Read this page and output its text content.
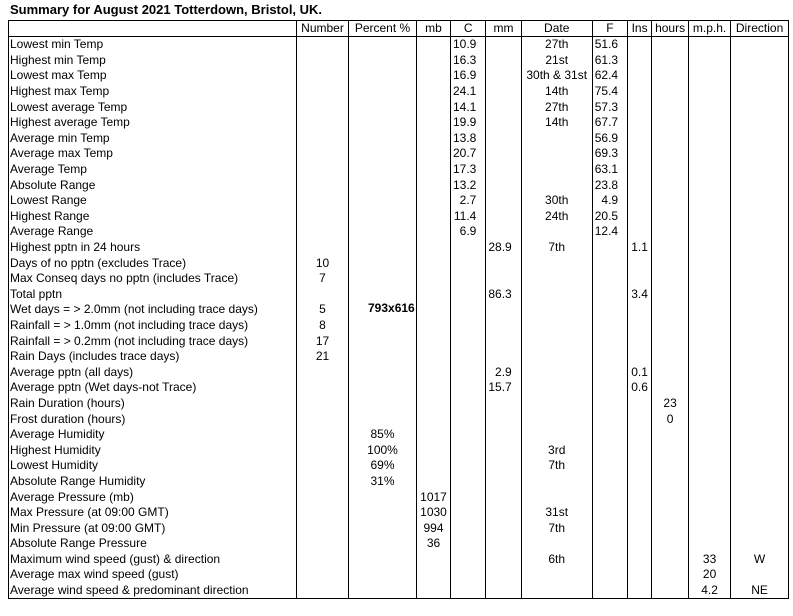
Summary for August 2021 Totterdown, Bristol, UK.
	Number	Percent %	mb	C	mm	Date	F	Ins	hours	m.p.h.	Direction
Lowest min Temp				10.9		27th	51.6				
Highest min Temp				16.3		21st	61.3				
Lowest max Temp				16.9		30th & 31st	62.4				
Highest max Temp				24.1		14th	75.4				
Lowest average Temp				14.1		27th	57.3				
Highest average Temp				19.9		14th	67.7				
Average min Temp				13.8			56.9				
Average max Temp				20.7			69.3				
Average Temp				17.3			63.1				
Absolute Range				13.2			23.8				
Lowest Range				2.7		30th	4.9				
Highest Range				11.4		24th	20.5				
Average Range				6.9			12.4				
Highest pptn in 24 hours					28.9	7th		1.1			
Days of no pptn (excludes Trace)	10										
Max Conseq days no pptn (includes Trace)	7										
Total pptn					86.3			3.4			
Wet days = > 2.0mm (not including trace days)	5										
Rainfall = > 1.0mm (not including trace days)	8										
Rainfall = > 0.2mm (not including trace days)	17										
Rain Days (includes trace days)	21										
Average pptn (all days)					2.9			0.1			
Average pptn (Wet days-not Trace)					15.7			0.6			
Rain Duration (hours)									23		
Frost duration (hours)									0		
Average Humidity		85%									
Highest Humidity		100%				3rd					
Lowest Humidity		69%				7th					
Absolute Range Humidity		31%									
Average Pressure (mb)			1017								
Max Pressure (at 09:00 GMT)			1030			31st					
Min Pressure (at 09:00 GMT)			994			7th					
Absolute Range Pressure			36								
Maximum wind speed (gust) & direction						6th				33	W
Average max wind speed (gust)										20	
Average wind speed & predominant direction										4.2	NE
793x616
